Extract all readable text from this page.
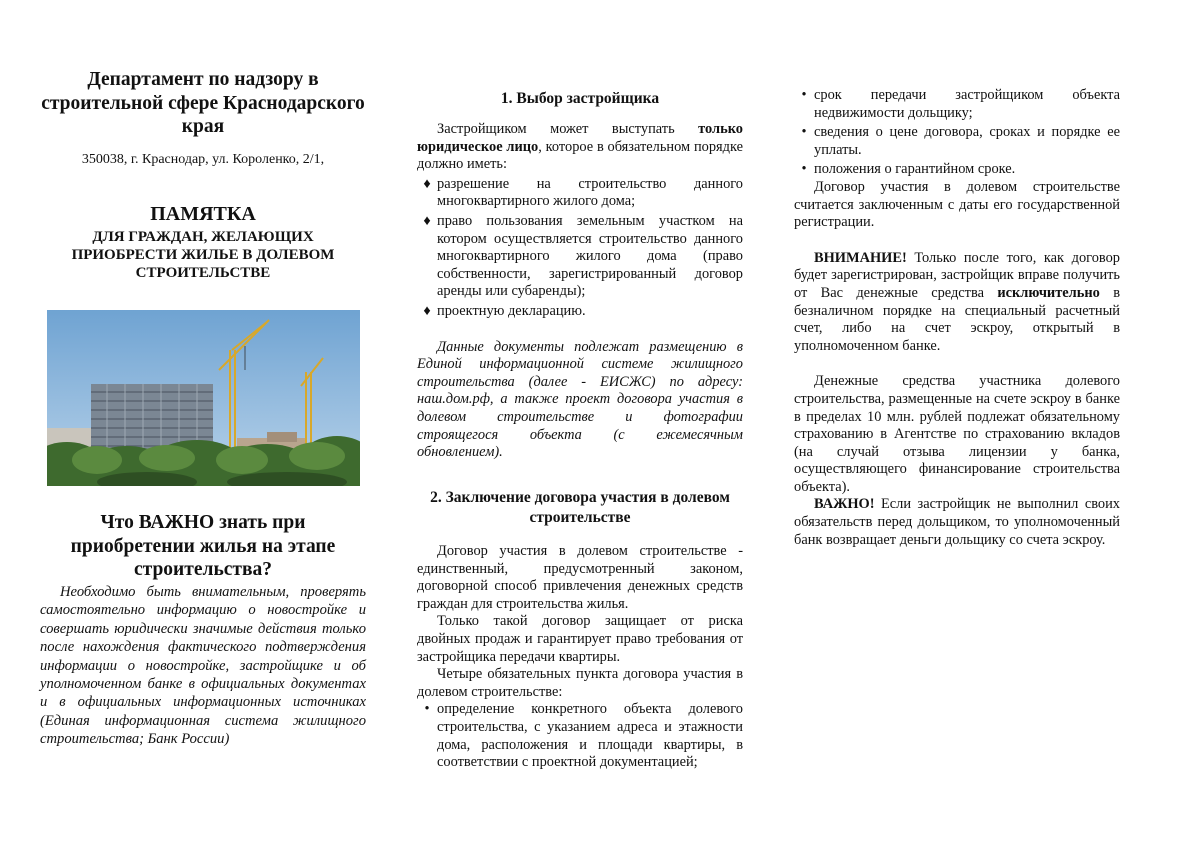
Департамент по надзору в строительной сфере Краснодарского края

350038, г. Краснодар, ул. Короленко, 2/1,

ПАМЯТКА

ДЛЯ ГРАЖДАН, ЖЕЛАЮЩИХ ПРИОБРЕСТИ ЖИЛЬЕ В ДОЛЕВОМ СТРОИТЕЛЬСТВЕ

Что ВАЖНО знать при приобретении жилья на этапе строительства?

Необходимо быть внимательным, проверять самостоятельно информацию о новостройке и совершать юридически значимые действия только после нахождения фактического подтверждения информации о новостройке, застройщике и об уполномоченном банке в официальных документах и в официальных информационных источниках (Единая информационная система жилищного строительства; Банк России)

1. Выбор застройщика

Застройщиком может выступать только юридическое лицо, которое в обязательном порядке должно иметь:

♦ разрешение на строительство данного многоквартирного жилого дома;
♦ право пользования земельным участком на котором осуществляется строительство данного многоквартирного жилого дома (право собственности, зарегистрированный договор аренды или субаренды);
♦ проектную декларацию.

Данные документы подлежат размещению в Единой информационной системе жилищного строительства (далее - ЕИСЖС) по адресу: наш.дом.рф, а также проект договора участия в долевом строительстве и фотографии строящегося объекта (с ежемесячным обновлением).

2. Заключение договора участия в долевом строительстве

Договор участия в долевом строительстве - единственный, предусмотренный законом, договорной способ привлечения денежных средств граждан для строительства жилья.

Только такой договор защищает от риска двойных продаж и гарантирует право требования от застройщика передачи квартиры.

Четыре обязательных пункта договора участия в долевом строительстве:

• определение конкретного объекта долевого строительства, с указанием адреса и этажности дома, расположения и площади квартиры, в соответствии с проектной документацией;
• срок передачи застройщиком объекта недвижимости дольщику;
• сведения о цене договора, сроках и порядке ее уплаты.
• положения о гарантийном сроке.

Договор участия в долевом строительстве считается заключенным с даты его государственной регистрации.

ВНИМАНИЕ! Только после того, как договор будет зарегистрирован, застройщик вправе получить от Вас денежные средства исключительно в безналичном порядке на специальный расчетный счет, либо на счет эскроу, открытый в уполномоченном банке.

Денежные средства участника долевого строительства, размещенные на счете эскроу в банке в пределах 10 млн. рублей подлежат обязательному страхованию в Агентстве по страхованию вкладов (на случай отзыва лицензии у банка, осуществляющего финансирование строительства объекта).

ВАЖНО! Если застройщик не выполнил своих обязательств перед дольщиком, то уполномоченный банк возвращает деньги дольщику со счета эскроу.
